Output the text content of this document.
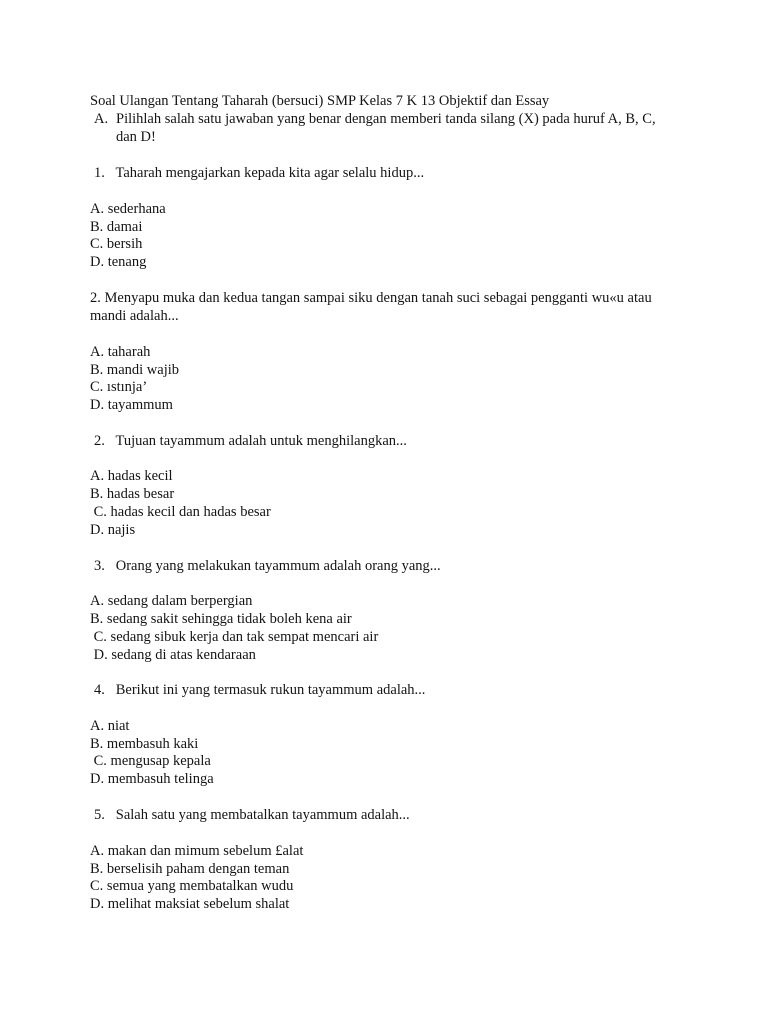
Soal Ulangan Tentang Taharah (bersuci) SMP Kelas 7 K 13 Objektif dan Essay
A. Pilihlah salah satu jawaban yang benar dengan memberi tanda silang (X) pada huruf A, B, C,
dan D!
1.   Taharah mengajarkan kepada kita agar selalu hidup...
A. sederhana
B. damai
C. bersih
D. tenang
2. Menyapu muka dan kedua tangan sampai siku dengan tanah suci sebagai pengganti wu«u atau
mandi adalah...
A. taharah
B. mandi wajib
C. ıstınja’
D. tayammum
2.   Tujuan tayammum adalah untuk menghilangkan...
A. hadas kecil
B. hadas besar
C. hadas kecil dan hadas besar
D. najis
3.   Orang yang melakukan tayammum adalah orang yang...
A. sedang dalam berpergian
B. sedang sakit sehingga tidak boleh kena air
C. sedang sibuk kerja dan tak sempat mencari air
D. sedang di atas kendaraan
4.   Berikut ini yang termasuk rukun tayammum adalah...
A. niat
B. membasuh kaki
C. mengusap kepala
D. membasuh telinga
5.   Salah satu yang membatalkan tayammum adalah...
A. makan dan mimum sebelum £alat
B. berselisih paham dengan teman
C. semua yang membatalkan wudu
D. melihat maksiat sebelum shalat
